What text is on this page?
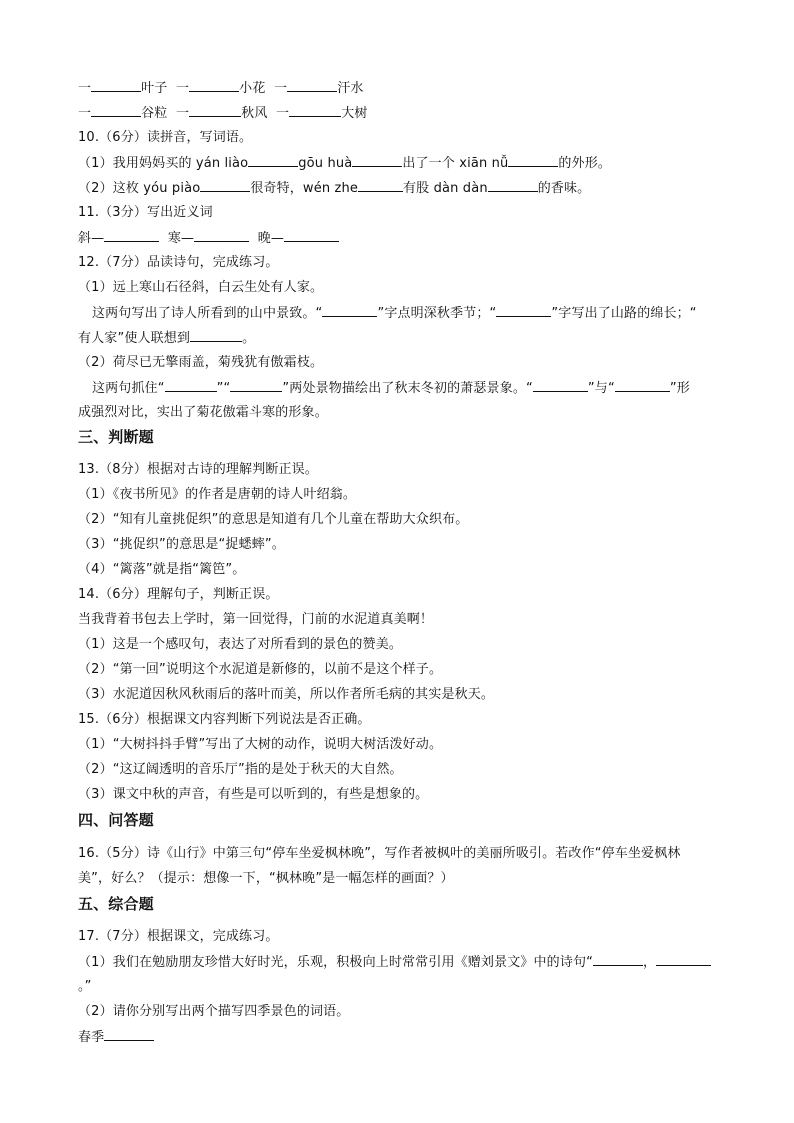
一	叶子  一	小花  一	汗水
一	谷粒  一	秋风  一	大树
10.（6分）读拼音，写词语。
（1）我用妈妈买的 yán liào	gōu huà	出了一个 xiān nǚ	的外形。
（2）这枚 yóu piào	很奇特，wén zhe	有股 dàn dàn	的香味。
11.（3分）写出近义词
斜—	寒—	晚—
12.（7分）品读诗句，完成练习。
（1）远上寒山石径斜，白云生处有人家。
这两句写出了诗人所看到的山中景致。“	”字点明深秋季节；“	”字写出了山路的绵长；“
有人家”使人联想到	。
（2）荷尽已无擎雨盖，菊残犹有傲霜枝。
这两句抓住“	”“	”两处景物描绘出了秋末冬初的萧瑟景象。“	”与“	”形
成强烈对比，实出了菊花傲霜斗寒的形象。
三、判断题
13.（8分）根据对古诗的理解判断正误。
（1）《夜书所见》的作者是唐朝的诗人叶绍翁。
（2）“知有儿童挑促织”的意思是知道有几个儿童在帮助大众织布。
（3）“挑促织”的意思是“捉蟋蟀”。
（4）“篱落”就是指“篱笆”。
14.（6分）理解句子，判断正误。
当我背着书包去上学时，第一回觉得，门前的水泥道真美啊！
（1）这是一个感叹句，表达了对所看到的景色的赞美。
（2）“第一回”说明这个水泥道是新修的，以前不是这个样子。
（3）水泥道因秋风秋雨后的落叶而美，所以作者所毛病的其实是秋天。
15.（6分）根据课文内容判断下列说法是否正确。
（1）“大树抖抖手臂”写出了大树的动作，说明大树活泼好动。
（2）“这辽阔透明的音乐厅”指的是处于秋天的大自然。
（3）课文中秋的声音，有些是可以听到的，有些是想象的。
四、问答题
16.（5分）诗《山行》中第三句“停车坐爱枫林晚”，写作者被枫叶的美丽所吸引。若改作“停车坐爱枫林
美”，好么？（提示：想像一下，“枫林晚”是一幅怎样的画面？）
五、综合题
17.（7分）根据课文，完成练习。
（1）我们在勉励朋友珍惜大好时光，乐观，积极向上时常常引用《赠刘景文》中的诗句“	，
。”
（2）请你分别写出两个描写四季景色的词语。
春季
